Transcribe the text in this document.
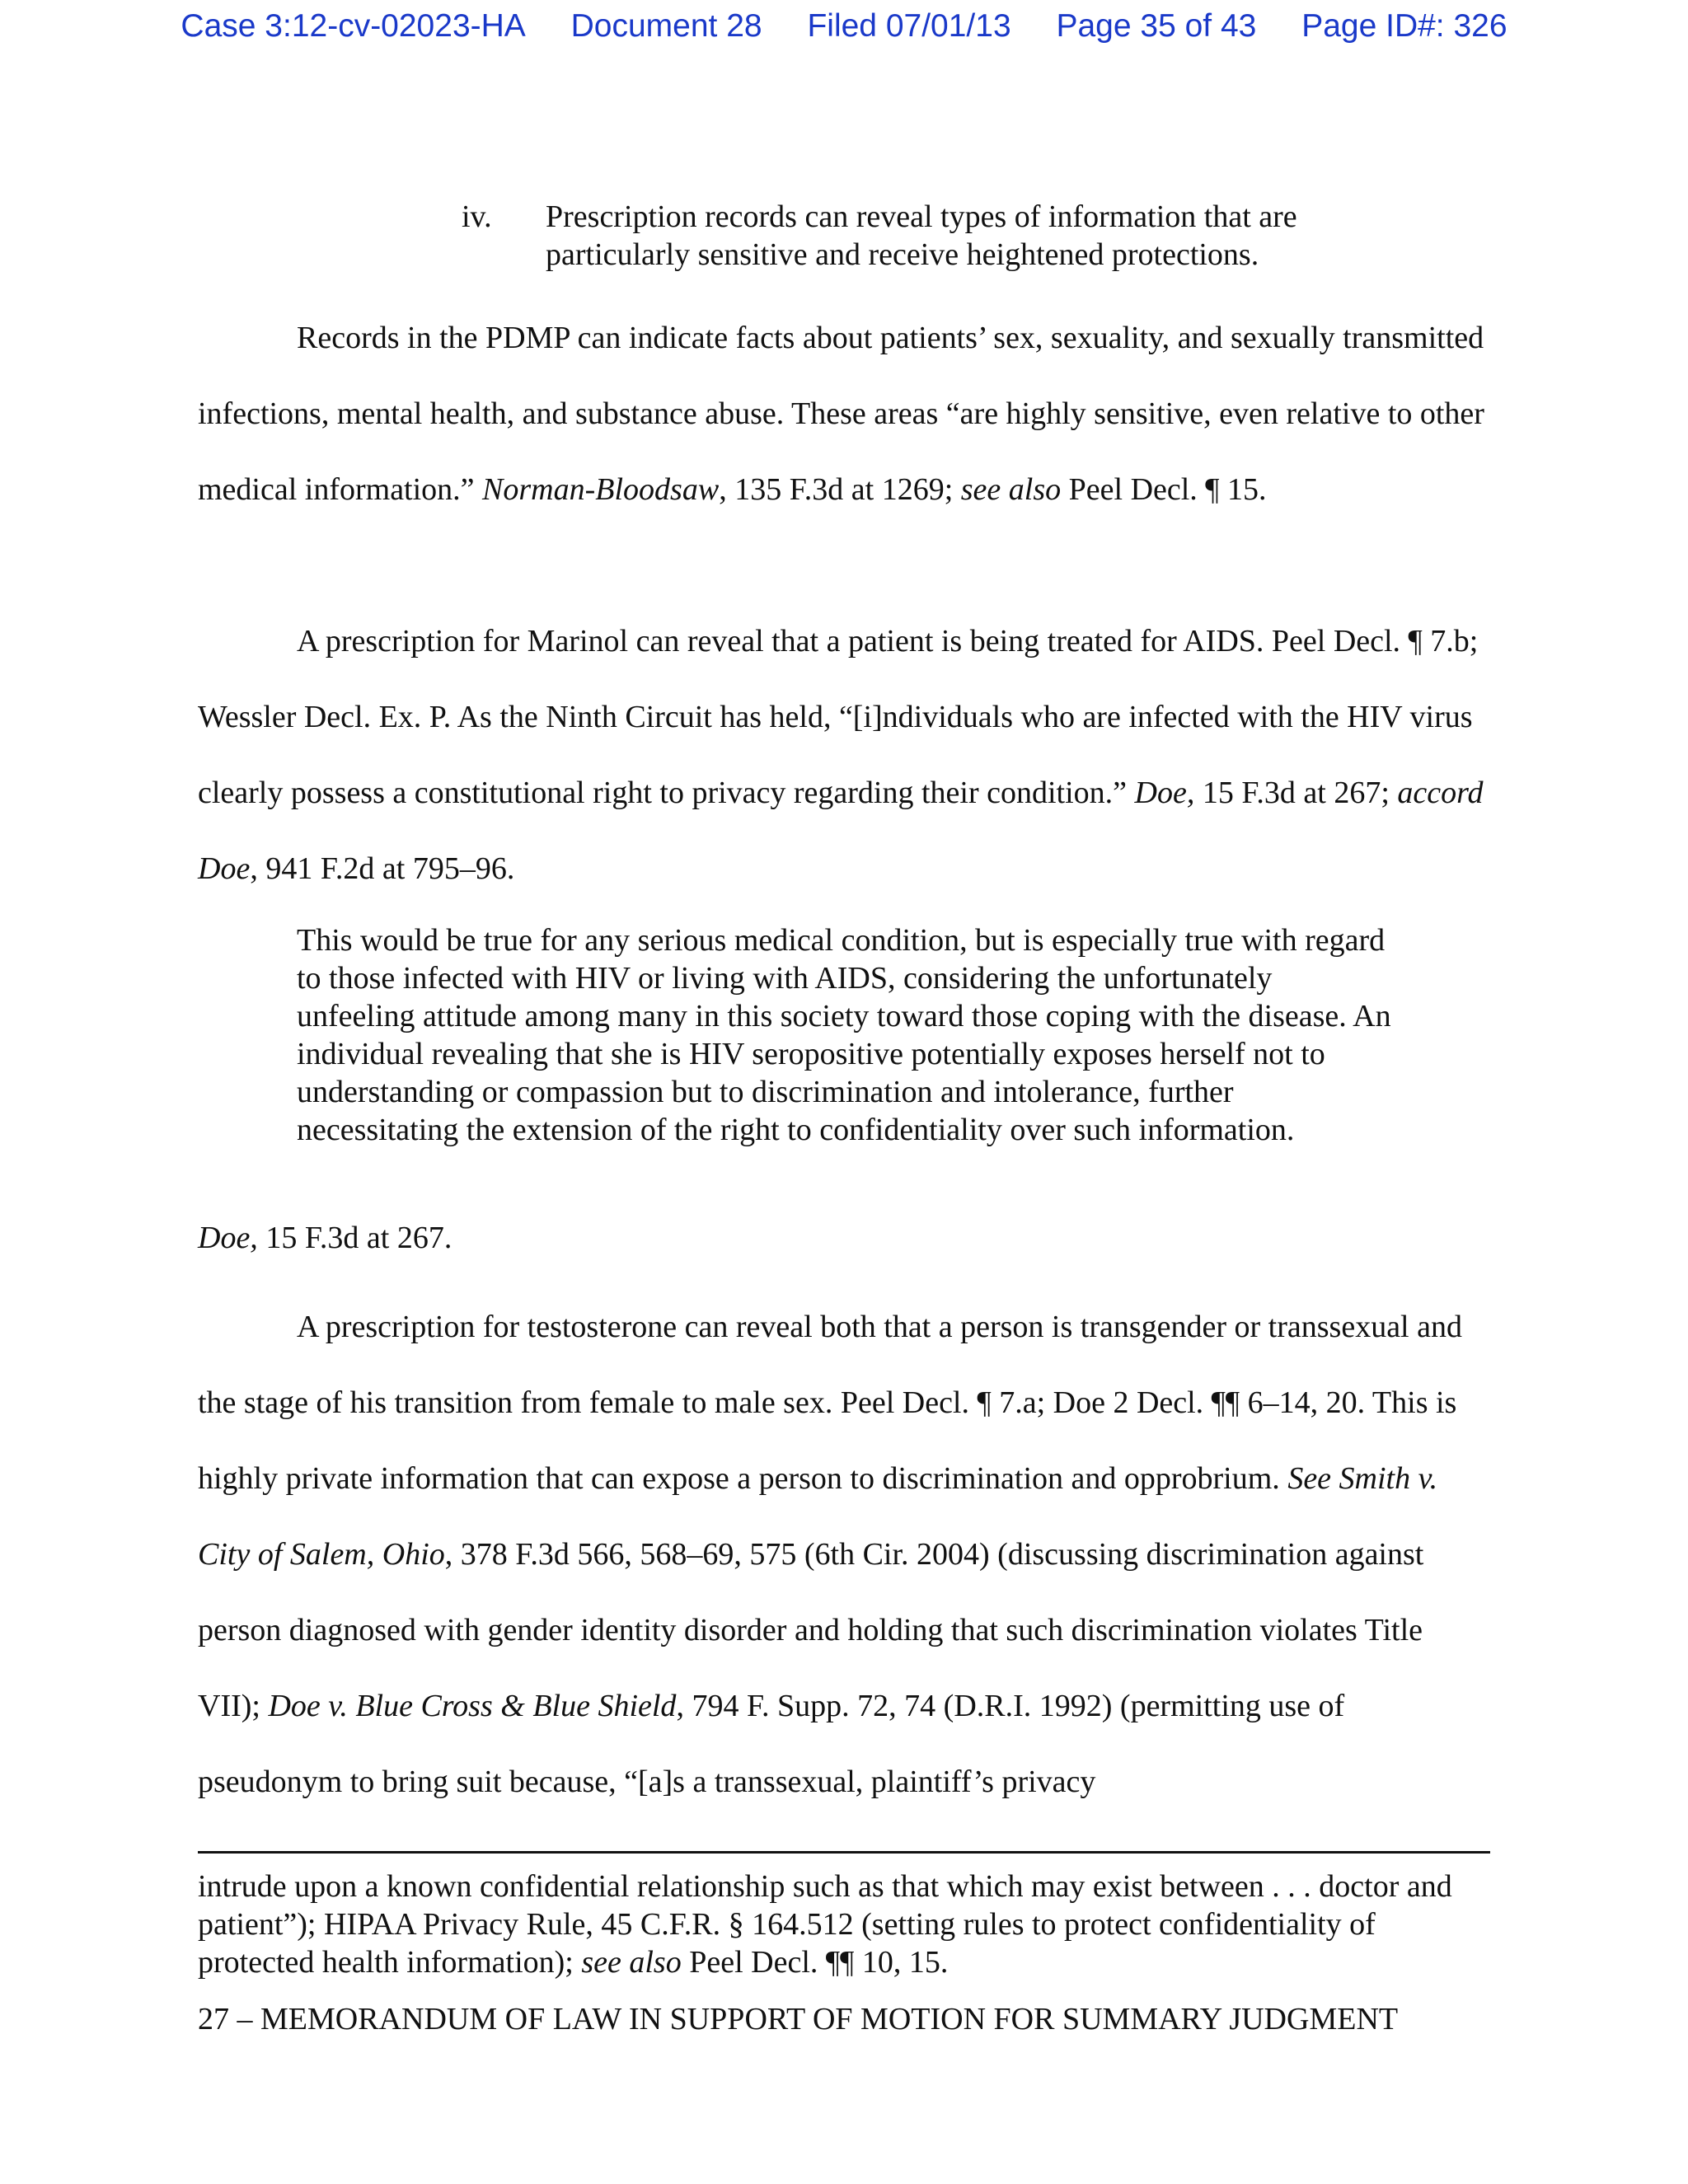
Case 3:12-cv-02023-HA Document 28 Filed 07/01/13 Page 35 of 43 Page ID#: 326
iv. Prescription records can reveal types of information that are particularly sensitive and receive heightened protections.

Records in the PDMP can indicate facts about patients’ sex, sexuality, and sexually transmitted infections, mental health, and substance abuse. These areas “are highly sensitive, even relative to other medical information.” Norman-Bloodsaw, 135 F.3d at 1269; see also Peel Decl. ¶ 15.

A prescription for Marinol can reveal that a patient is being treated for AIDS. Peel Decl. ¶ 7.b; Wessler Decl. Ex. P. As the Ninth Circuit has held, “[i]ndividuals who are infected with the HIV virus clearly possess a constitutional right to privacy regarding their condition.” Doe, 15 F.3d at 267; accord Doe, 941 F.2d at 795–96.

This would be true for any serious medical condition, but is especially true with regard to those infected with HIV or living with AIDS, considering the unfortunately unfeeling attitude among many in this society toward those coping with the disease. An individual revealing that she is HIV seropositive potentially exposes herself not to understanding or compassion but to discrimination and intolerance, further necessitating the extension of the right to confidentiality over such information.
Doe, 15 F.3d at 267.

A prescription for testosterone can reveal both that a person is transgender or transsexual and the stage of his transition from female to male sex. Peel Decl. ¶ 7.a; Doe 2 Decl. ¶¶ 6–14, 20. This is highly private information that can expose a person to discrimination and opprobrium. See Smith v. City of Salem, Ohio, 378 F.3d 566, 568–69, 575 (6th Cir. 2004) (discussing discrimination against person diagnosed with gender identity disorder and holding that such discrimination violates Title VII); Doe v. Blue Cross & Blue Shield, 794 F. Supp. 72, 74 (D.R.I. 1992) (permitting use of pseudonym to bring suit because, “[a]s a transsexual, plaintiff’s privacy

intrude upon a known confidential relationship such as that which may exist between . . . doctor and patient”); HIPAA Privacy Rule, 45 C.F.R. § 164.512 (setting rules to protect confidentiality of protected health information); see also Peel Decl. ¶¶ 10, 15.
27 – MEMORANDUM OF LAW IN SUPPORT OF MOTION FOR SUMMARY JUDGMENT
